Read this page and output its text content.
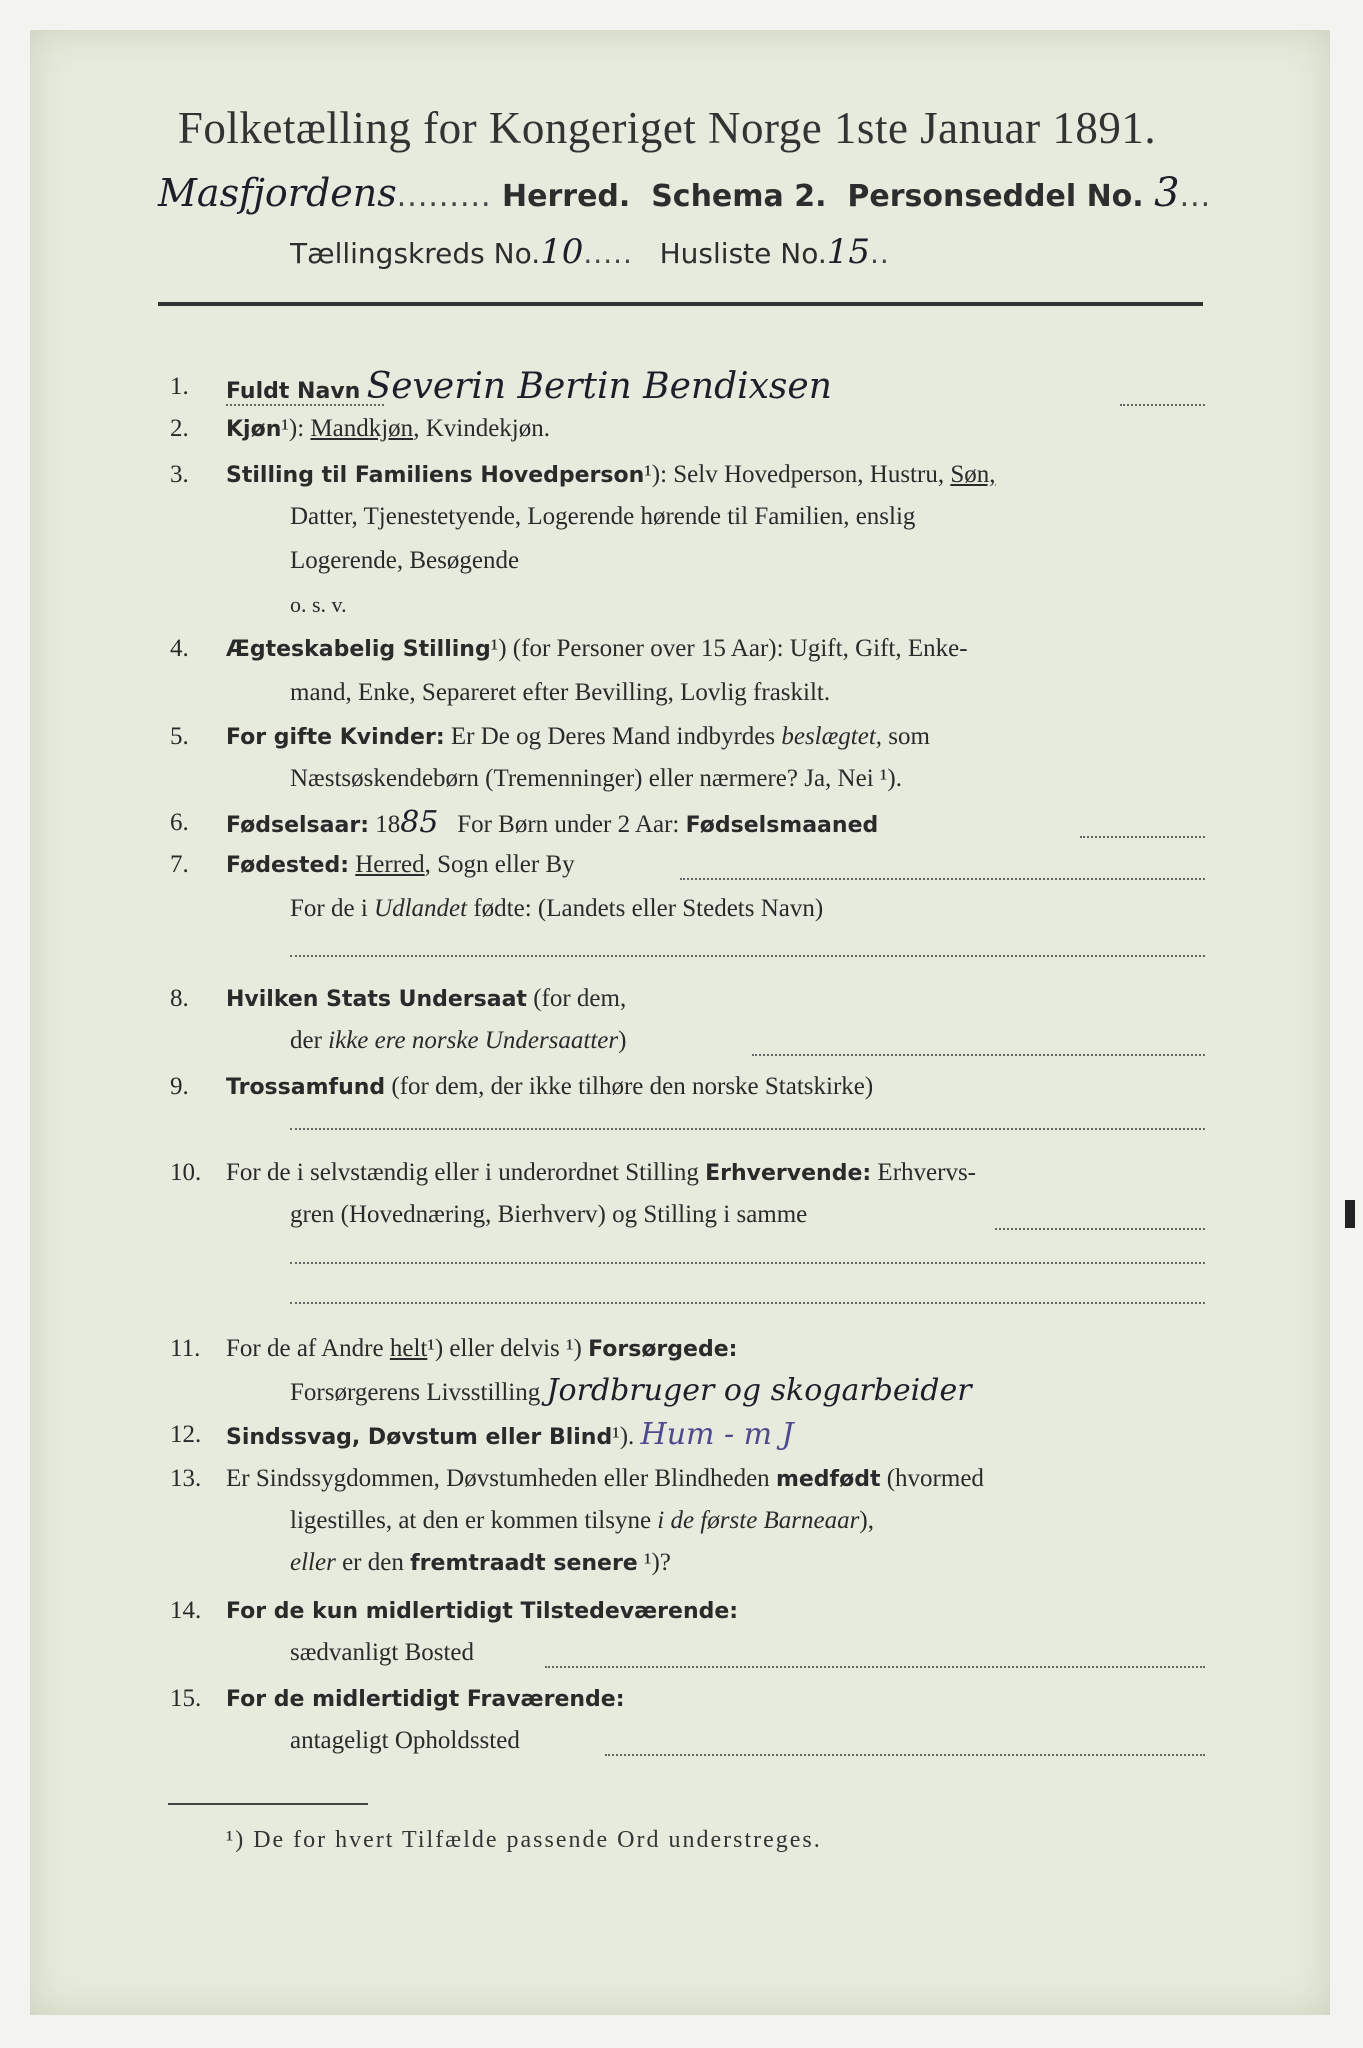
Folketælling for Kongeriget Norge 1ste Januar 1891.
Masfjordens......... Herred. Schema 2. Personseddel No. 3...
Tællingskreds No.10..... Husliste No.15..
1.	Fuldt Navn Severin Bertin Bendixsen
2.	Kjøn¹): Mandkjøn, Kvindekjøn.
3.	Stilling til Familiens Hovedperson¹): Selv Hovedperson, Hustru, Søn,
Datter, Tjenestetyende, Logerende hørende til Familien, enslig
Logerende, Besøgende
o. s. v.
4.	Ægteskabelig Stilling¹) (for Personer over 15 Aar): Ugift, Gift, Enke-
mand, Enke, Separeret efter Bevilling, Lovlig fraskilt.
5.	For gifte Kvinder: Er De og Deres Mand indbyrdes beslægtet, som
Næstsøskendebørn (Tremenninger) eller nærmere? Ja, Nei ¹).
6.	Fødselsaar: 1885 For Børn under 2 Aar: Fødselsmaaned
7.	Fødested: Herred, Sogn eller By
For de i Udlandet fødte: (Landets eller Stedets Navn)
8.	Hvilken Stats Undersaat (for dem,
der ikke ere norske Undersaatter)
9.	Trossamfund (for dem, der ikke tilhøre den norske Statskirke)
10. For de i selvstændig eller i underordnet Stilling Erhvervende: Erhvervs-
gren (Hovednæring, Bierhverv) og Stilling i samme
11.	For de af Andre helt¹) eller delvis ¹) Forsørgede:
Forsørgerens Livsstilling Jordbruger og skogarbeider
12.	Sindssvag, Døvstum eller Blind¹). Hum - m J
13. Er Sindssygdommen, Døvstumheden eller Blindheden medfødt (hvormed
ligestilles, at den er kommen tilsyne i de første Barneaar),
eller er den fremtraadt senere ¹)?
14.	For de kun midlertidigt Tilstedeværende:
sædvanligt Bosted
15.	For de midlertidigt Fraværende:
antageligt Opholdssted
¹) De for hvert Tilfælde passende Ord understreges.
